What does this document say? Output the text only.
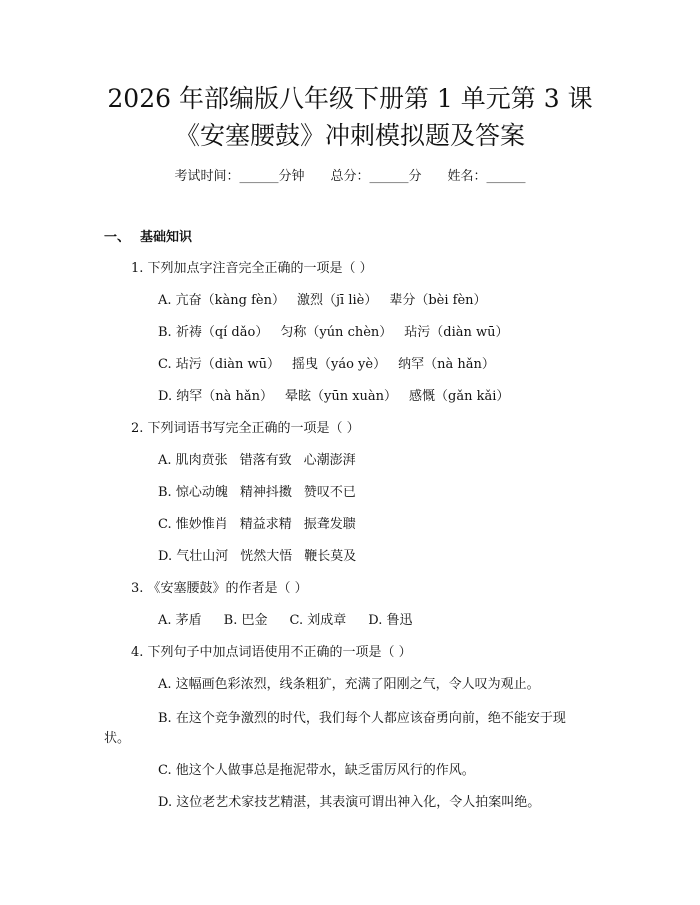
2026 年部编版八年级下册第 1 单元第 3 课
《安塞腰鼓》冲刺模拟题及答案
考试时间：______分钟 总分：______分 姓名：______
一、 基础知识
1. 下列加点字注音完全正确的一项是（ ）
A. 亢奋（kàng fèn） 激烈（jī liè） 辈分（bèi fèn）
B. 祈祷（qí dǎo） 匀称（yún chèn） 玷污（diàn wū）
C. 玷污（diàn wū） 摇曳（yáo yè） 纳罕（nà hǎn）
D. 纳罕（nà hǎn） 晕眩（yūn xuàn） 感慨（gǎn kǎi）
2. 下列词语书写完全正确的一项是（ ）
A. 肌肉贲张 错落有致 心潮澎湃
B. 惊心动魄 精神抖擞 赞叹不已
C. 惟妙惟肖 精益求精 振聋发聩
D. 气壮山河 恍然大悟 鞭长莫及
3. 《安塞腰鼓》的作者是（ ）
A. 茅盾 B. 巴金 C. 刘成章 D. 鲁迅
4. 下列句子中加点词语使用不正确的一项是（ ）
A. 这幅画色彩浓烈，线条粗犷，充满了阳刚之气，令人叹为观止。
B. 在这个竞争激烈的时代，我们每个人都应该奋勇向前，绝不能安于现
状。
C. 他这个人做事总是拖泥带水，缺乏雷厉风行的作风。
D. 这位老艺术家技艺精湛，其表演可谓出神入化，令人拍案叫绝。
